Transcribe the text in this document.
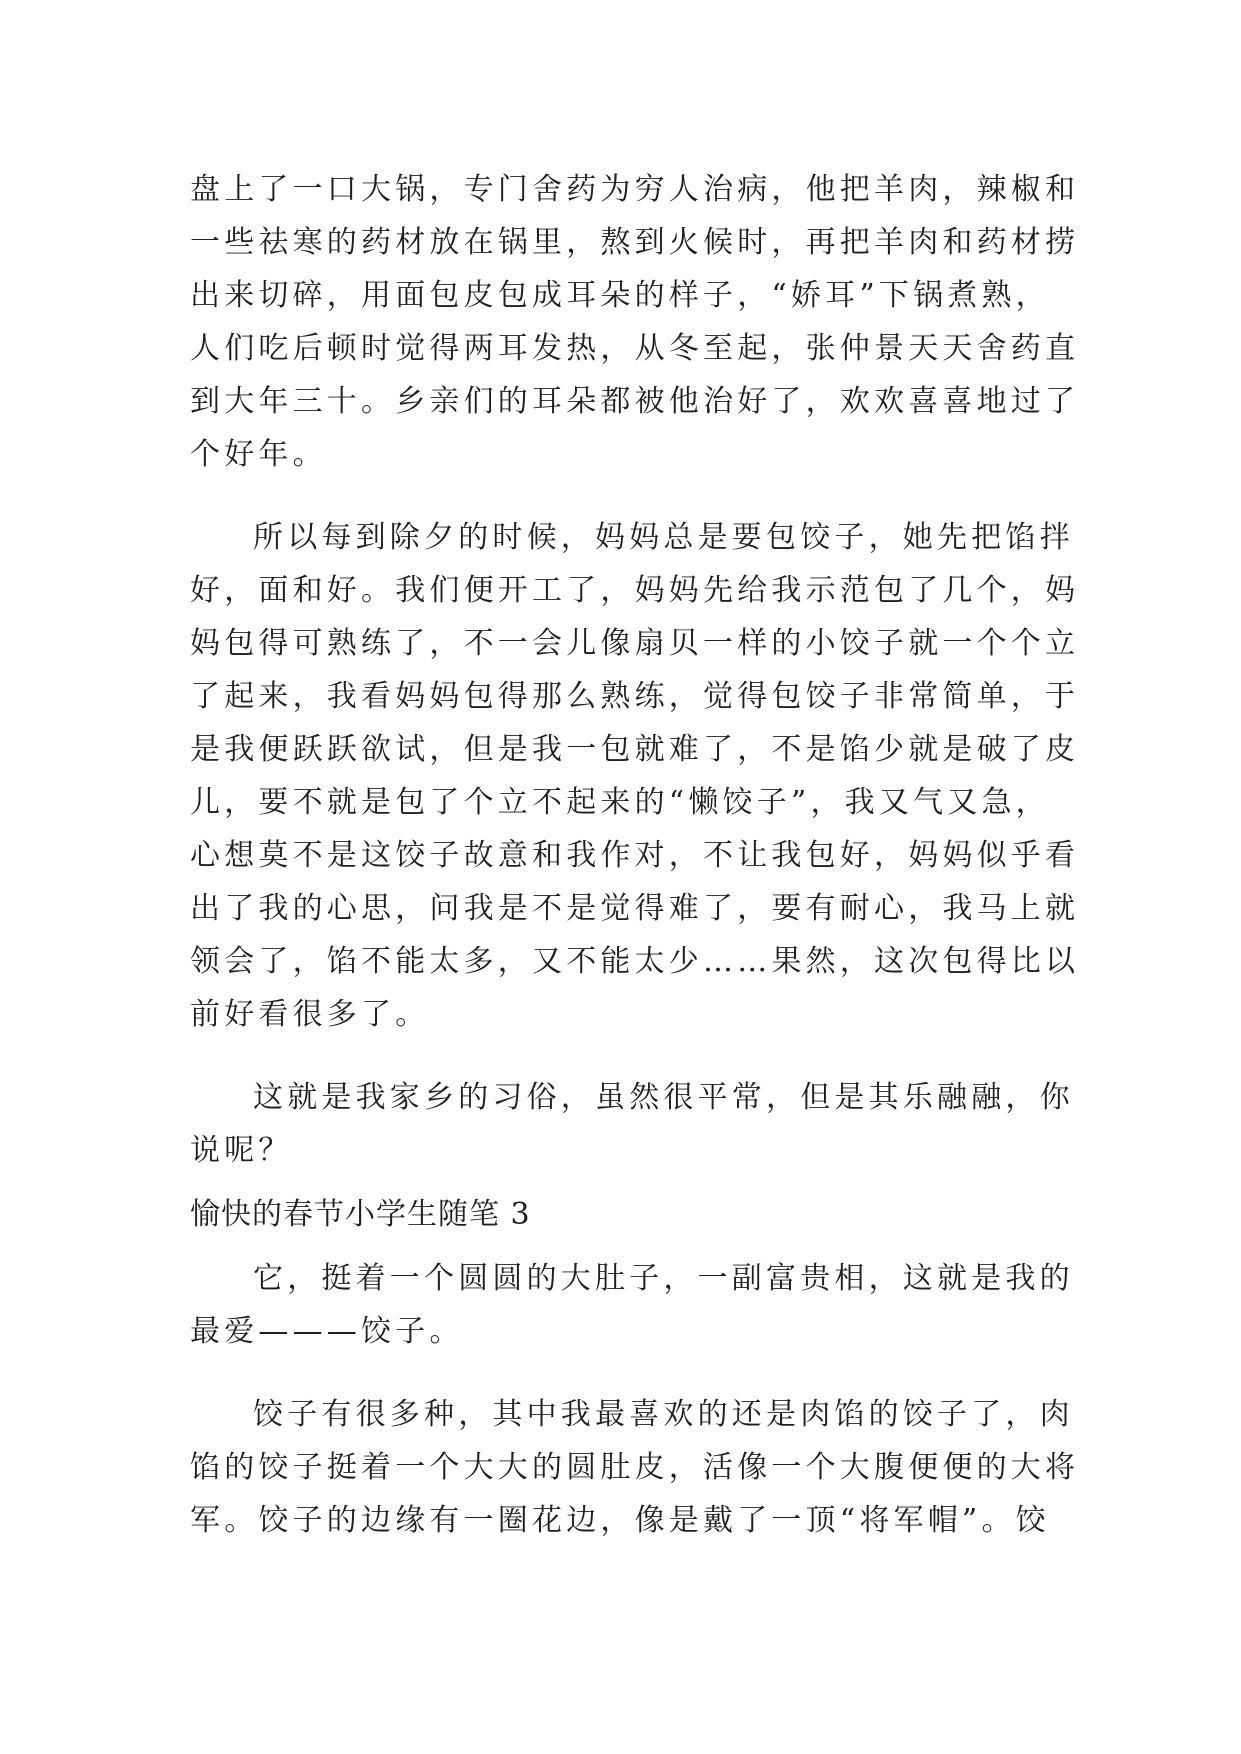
盘上了一口大锅，专门舍药为穷人治病，他把羊肉，辣椒和
一些祛寒的药材放在锅里，熬到火候时，再把羊肉和药材捞
出来切碎，用面包皮包成耳朵的样子，“娇耳”下锅煮熟，
人们吃后顿时觉得两耳发热，从冬至起，张仲景天天舍药直
到大年三十。乡亲们的耳朵都被他治好了，欢欢喜喜地过了
个好年。
所以每到除夕的时候，妈妈总是要包饺子，她先把馅拌
好，面和好。我们便开工了，妈妈先给我示范包了几个，妈
妈包得可熟练了，不一会儿像扇贝一样的小饺子就一个个立
了起来，我看妈妈包得那么熟练，觉得包饺子非常简单，于
是我便跃跃欲试，但是我一包就难了，不是馅少就是破了皮
儿，要不就是包了个立不起来的“懒饺子”，我又气又急，
心想莫不是这饺子故意和我作对，不让我包好，妈妈似乎看
出了我的心思，问我是不是觉得难了，要有耐心，我马上就
领会了，馅不能太多，又不能太少……果然，这次包得比以
前好看很多了。
这就是我家乡的习俗，虽然很平常，但是其乐融融，你
说呢？
愉快的春节小学生随笔 3
它，挺着一个圆圆的大肚子，一副富贵相，这就是我的
最爱———饺子。
饺子有很多种，其中我最喜欢的还是肉馅的饺子了，肉
馅的饺子挺着一个大大的圆肚皮，活像一个大腹便便的大将
军。饺子的边缘有一圈花边，像是戴了一顶“将军帽”。饺
